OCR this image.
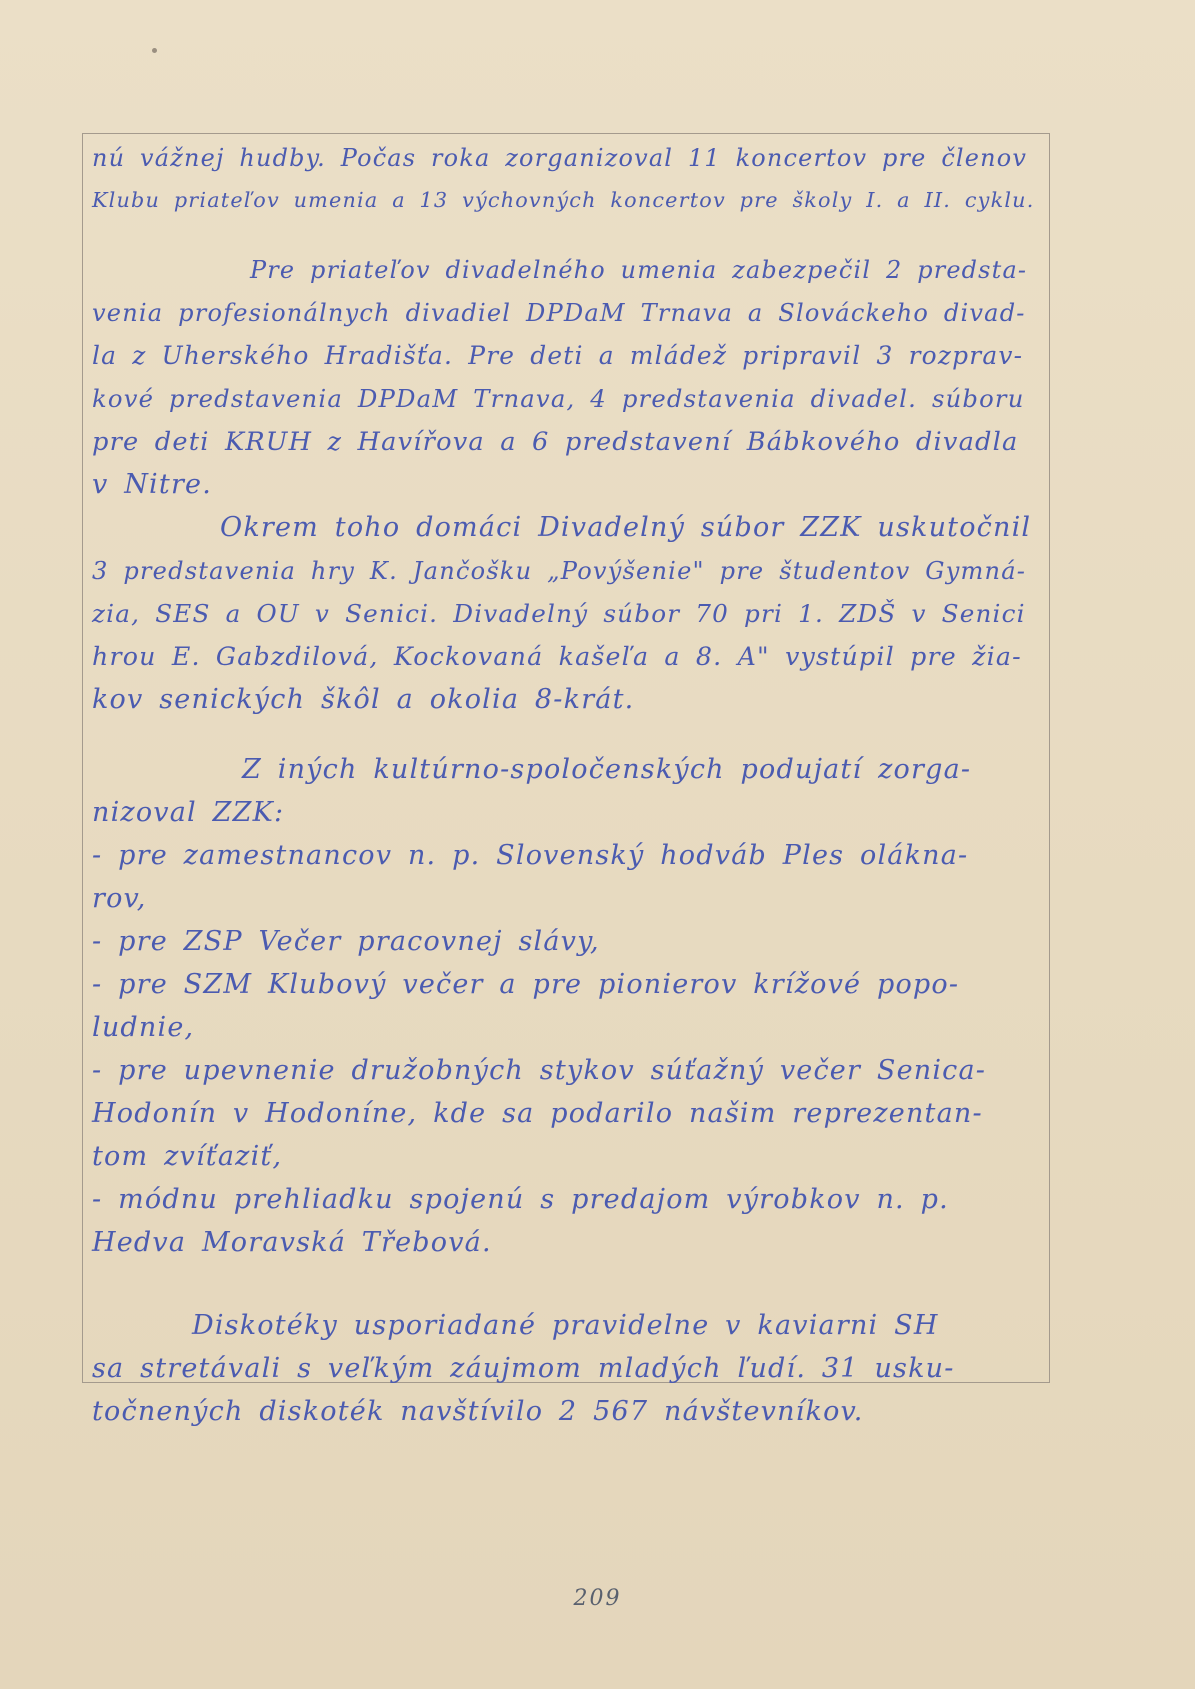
nú vážnej hudby. Počas roka zorganizoval 11 koncertov pre členov
Klubu priateľov umenia a 13 výchovných koncertov pre školy I. a II. cyklu.
Pre priateľov divadelného umenia zabezpečil 2 predsta-
venia profesionálnych divadiel DPDaM Trnava a Slováckeho divad-
la z Uherského Hradišťa. Pre deti a mládež pripravil 3 rozprav-
kové predstavenia DPDaM Trnava, 4 predstavenia divadel. súboru
pre deti KRUH z Havířova a 6 predstavení Bábkového divadla
v Nitre.
Okrem toho domáci Divadelný súbor ZZK uskutočnil
3 predstavenia hry K. Jančošku „Povýšenie" pre študentov Gymná-
zia, SES a OU v Senici. Divadelný súbor 70 pri 1. ZDŠ v Senici
hrou E. Gabzdilová, Kockovaná kašeľa a 8. A" vystúpil pre žia-
kov senických škôl a okolia 8-krát.
Z iných kultúrno-spoločenských podujatí zorga-
nizoval ZZK:
- pre zamestnancov n. p. Slovenský hodváb Ples oláknа-
rov,
- pre ZSP Večer pracovnej slávy,
- pre SZM Klubový večer a pre pionierov krížové popo-
ludnie,
- pre upevnenie družobných stykov súťažný večer Senica-
Hodonín v Hodoníne, kde sa podarilo našim reprezentan-
tom zvíťaziť,
- módnu prehliadku spojenú s predajom výrobkov n. p.
Hedva Moravská Třebová.
Diskotéky usporiadané pravidelne v kaviarni SH
sa stretávali s veľkým záujmom mladých ľudí. 31 usku-
točnených diskoték navštívilo 2 567 návštevníkov.
209
